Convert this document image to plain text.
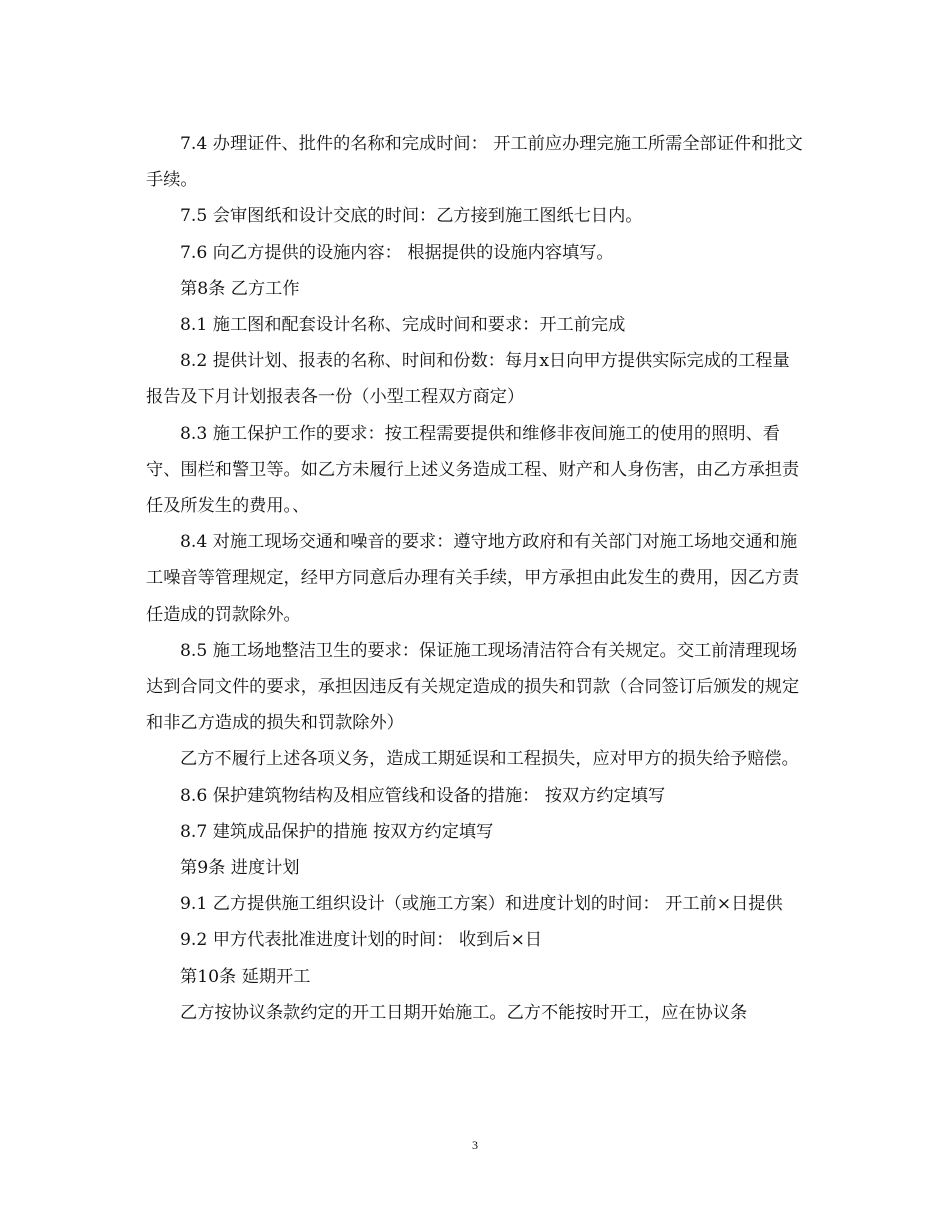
7.4 办理证件、批件的名称和完成时间： 开工前应办理完施工所需全部证件和批文手续。

7.5 会审图纸和设计交底的时间：乙方接到施工图纸七日内。

7.6 向乙方提供的设施内容： 根据提供的设施内容填写。

第8条 乙方工作

8.1 施工图和配套设计名称、完成时间和要求：开工前完成

8.2 提供计划、报表的名称、时间和份数：每月x日向甲方提供实际完成的工程量报告及下月计划报表各一份（小型工程双方商定）

8.3 施工保护工作的要求：按工程需要提供和维修非夜间施工的使用的照明、看守、围栏和警卫等。如乙方未履行上述义务造成工程、财产和人身伤害，由乙方承担责任及所发生的费用。、

8.4 对施工现场交通和噪音的要求：遵守地方政府和有关部门对施工场地交通和施工噪音等管理规定，经甲方同意后办理有关手续，甲方承担由此发生的费用，因乙方责任造成的罚款除外。

8.5 施工场地整洁卫生的要求：保证施工现场清洁符合有关规定。交工前清理现场达到合同文件的要求，承担因违反有关规定造成的损失和罚款（合同签订后颁发的规定和非乙方造成的损失和罚款除外）

乙方不履行上述各项义务，造成工期延误和工程损失，应对甲方的损失给予赔偿。

8.6 保护建筑物结构及相应管线和设备的措施： 按双方约定填写

8.7 建筑成品保护的措施 按双方约定填写

第9条 进度计划

9.1 乙方提供施工组织设计（或施工方案）和进度计划的时间： 开工前×日提供

9.2 甲方代表批准进度计划的时间： 收到后×日

第10条 延期开工

乙方按协议条款约定的开工日期开始施工。乙方不能按时开工，应在协议条

3
